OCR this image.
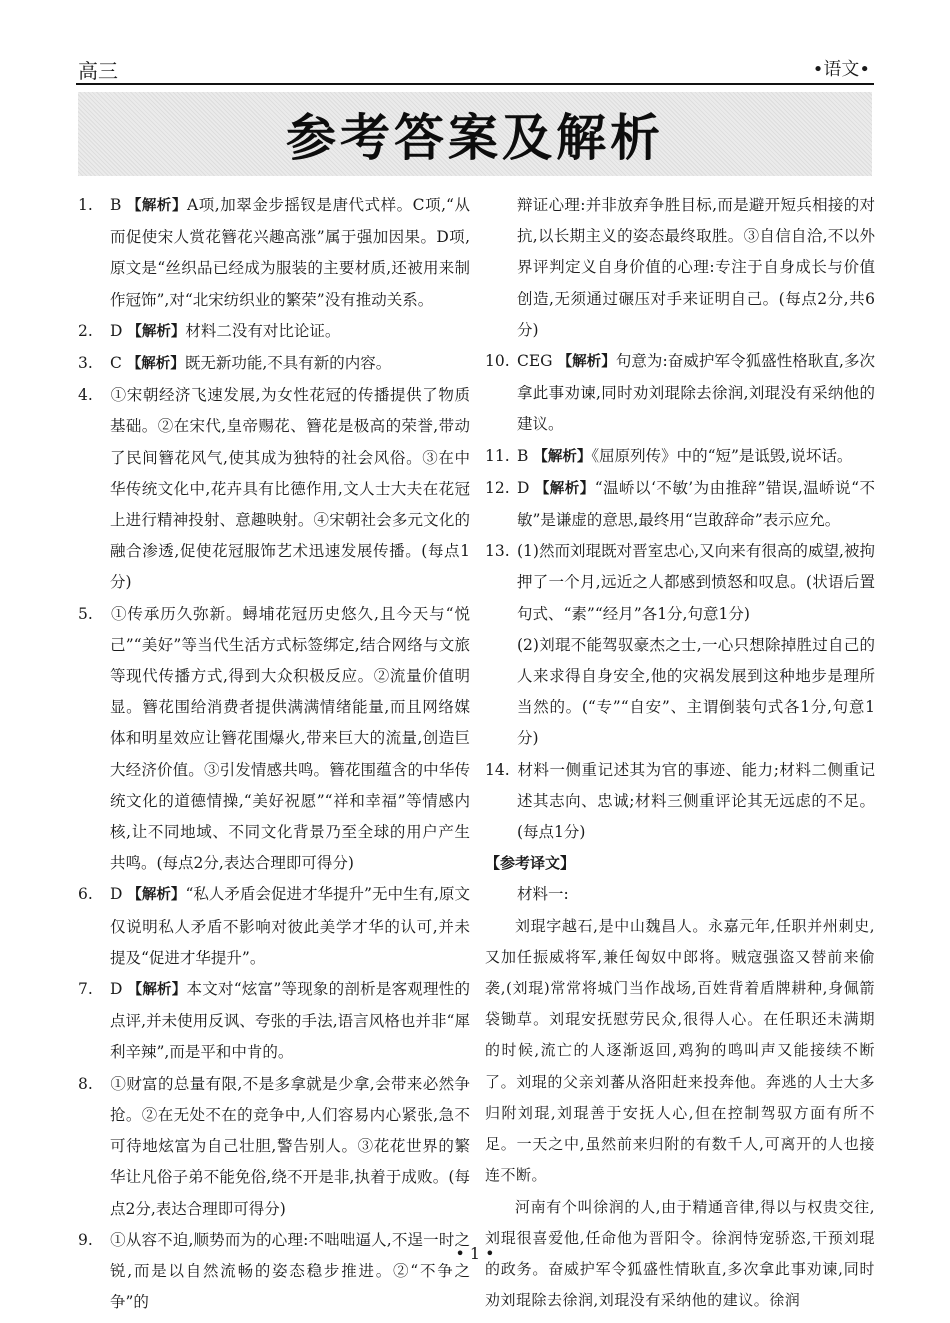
高三	•语文•
参考答案及解析

1. B 【解析】A项,加翠金步摇钗是唐代式样。C项,“从而促使宋人赏花簪花兴趣高涨”属于强加因果。D项,原文是“丝织品已经成为服装的主要材质,还被用来制作冠饰”,对“北宋纺织业的繁荣”没有推动关系。

2. D 【解析】材料二没有对比论证。

3. C 【解析】既无新功能,不具有新的内容。

4. ①宋朝经济飞速发展,为女性花冠的传播提供了物质基础。②在宋代,皇帝赐花、簪花是极高的荣誉,带动了民间簪花风气,使其成为独特的社会风俗。③在中华传统文化中,花卉具有比德作用,文人士大夫在花冠上进行精神投射、意趣映射。④宋朝社会多元文化的融合渗透,促使花冠服饰艺术迅速发展传播。(每点1分)

5. ①传承历久弥新。蟳埔花冠历史悠久,且今天与“悦己”“美好”等当代生活方式标签绑定,结合网络与文旅等现代传播方式,得到大众积极反应。②流量价值明显。簪花围给消费者提供满满情绪能量,而且网络媒体和明星效应让簪花围爆火,带来巨大的流量,创造巨大经济价值。③引发情感共鸣。簪花围蕴含的中华传统文化的道德情操,“美好祝愿”“祥和幸福”等情感内核,让不同地域、不同文化背景乃至全球的用户产生共鸣。(每点2分,表达合理即可得分)

6. D 【解析】“私人矛盾会促进才华提升”无中生有,原文仅说明私人矛盾不影响对彼此美学才华的认可,并未提及“促进才华提升”。

7. D 【解析】本文对“炫富”等现象的剖析是客观理性的点评,并未使用反讽、夸张的手法,语言风格也并非“犀利辛辣”,而是平和中肯的。

8. ①财富的总量有限,不是多拿就是少拿,会带来必然争抢。②在无处不在的竞争中,人们容易内心紧张,急不可待地炫富为自己壮胆,警告别人。③花花世界的繁华让凡俗子弟不能免俗,绕不开是非,执着于成败。(每点2分,表达合理即可得分)

9. ①从容不迫,顺势而为的心理:不咄咄逼人,不逞一时之锐,而是以自然流畅的姿态稳步推进。②“不争之争”的

辩证心理:并非放弃争胜目标,而是避开短兵相接的对抗,以长期主义的姿态最终取胜。③自信自洽,不以外界评判定义自身价值的心理:专注于自身成长与价值创造,无须通过碾压对手来证明自己。(每点2分,共6分)

10. CEG 【解析】句意为:奋威护军令狐盛性格耿直,多次拿此事劝谏,同时劝刘琨除去徐润,刘琨没有采纳他的建议。

11. B 【解析】《屈原列传》中的“短”是诋毁,说坏话。

12. D 【解析】“温峤以‘不敏’为由推辞”错误,温峤说“不敏”是谦虚的意思,最终用“岂敢辞命”表示应允。

13. (1)然而刘琨既对晋室忠心,又向来有很高的威望,被拘押了一个月,远近之人都感到愤怒和叹息。(状语后置句式、“素”“经月”各1分,句意1分)

(2)刘琨不能驾驭豪杰之士,一心只想除掉胜过自己的人来求得自身安全,他的灾祸发展到这种地步是理所当然的。(“专”“自安”、主谓倒装句式各1分,句意1分)

14. 材料一侧重记述其为官的事迹、能力;材料二侧重记述其志向、忠诚;材料三侧重评论其无远虑的不足。(每点1分)

【参考译文】

材料一:

刘琨字越石,是中山魏昌人。永嘉元年,任职并州刺史,又加任振威将军,兼任匈奴中郎将。贼寇强盗又替前来偷袭,(刘琨)常常将城门当作战场,百姓背着盾牌耕种,身佩箭袋锄草。刘琨安抚慰劳民众,很得人心。在任职还未满期的时候,流亡的人逐渐返回,鸡狗的鸣叫声又能接续不断了。刘琨的父亲刘蕃从洛阳赶来投奔他。奔逃的人士大多归附刘琨,刘琨善于安抚人心,但在控制驾驭方面有所不足。一天之中,虽然前来归附的有数千人,可离开的人也接连不断。

河南有个叫徐润的人,由于精通音律,得以与权贵交往,刘琨很喜爱他,任命他为晋阳令。徐润恃宠骄恣,干预刘琨的政务。奋威护军令狐盛性情耿直,多次拿此事劝谏,同时劝刘琨除去徐润,刘琨没有采纳他的建议。徐润

• 1 •
